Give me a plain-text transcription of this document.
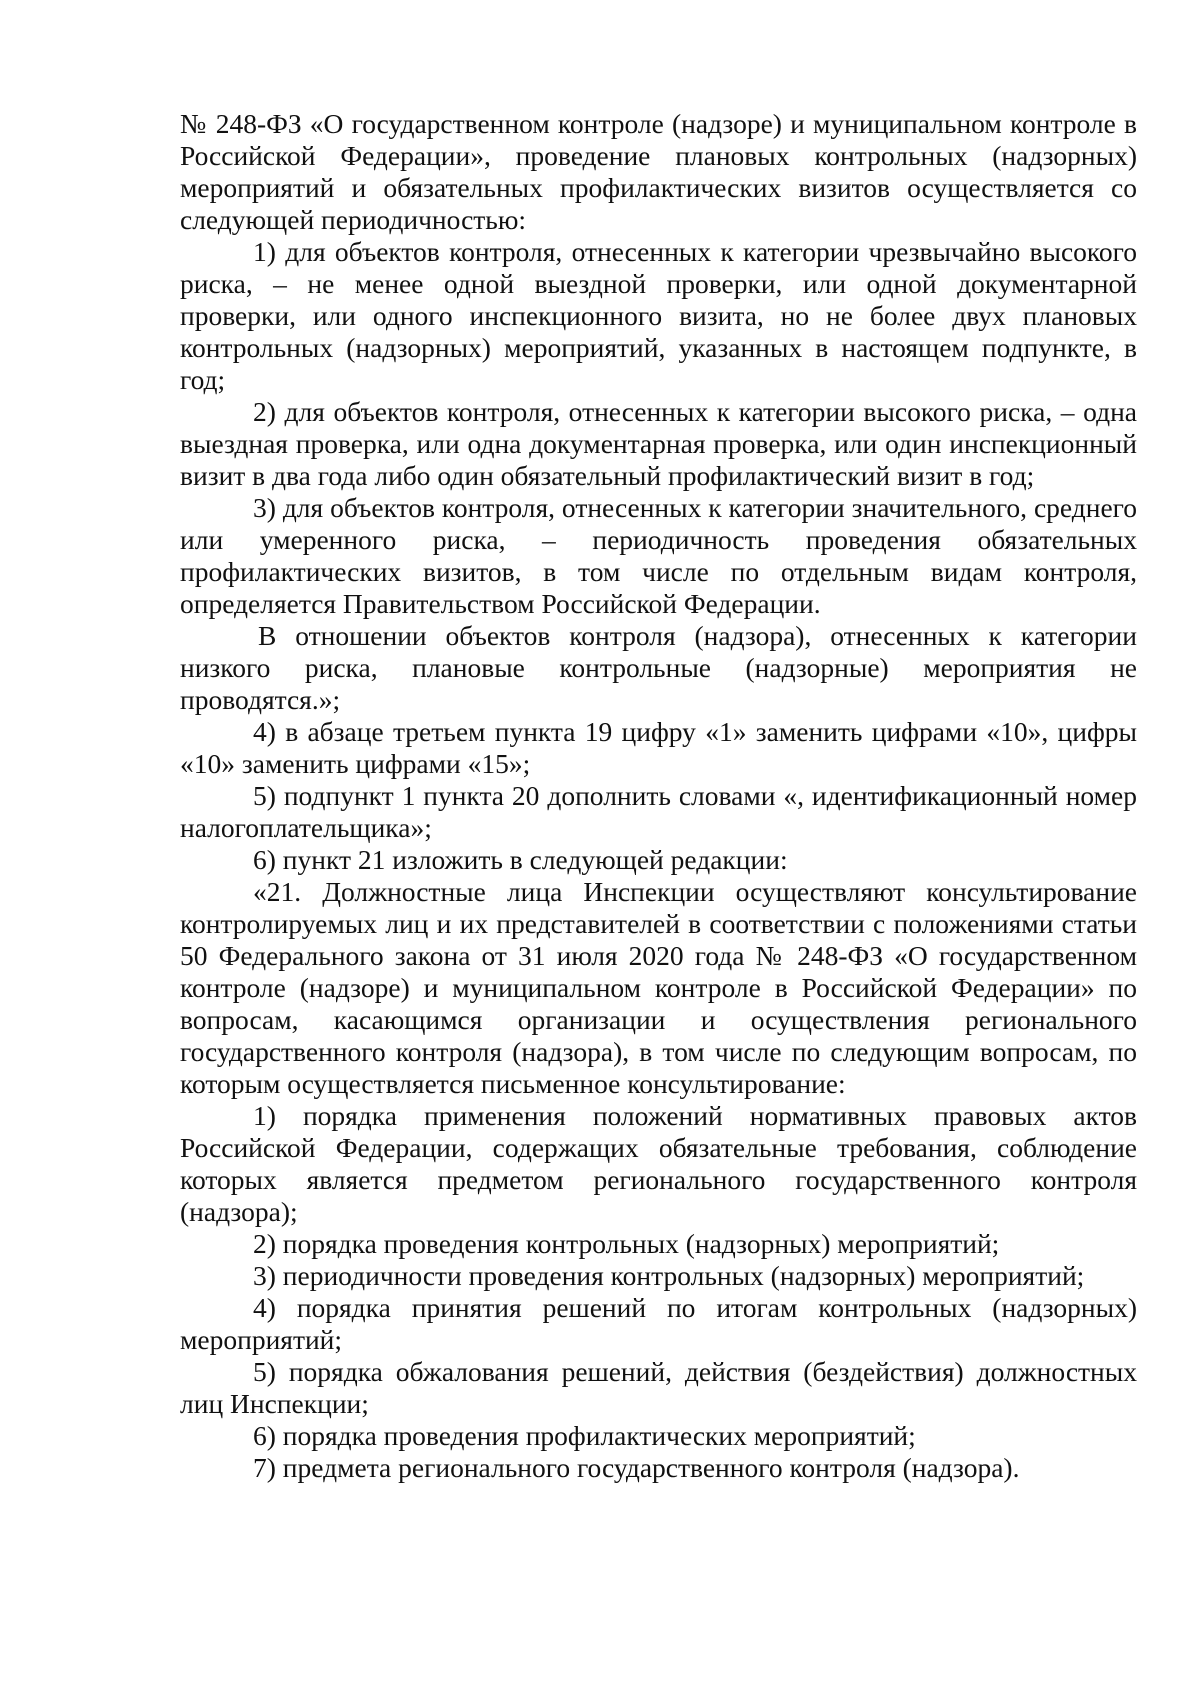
№ 248-ФЗ «О государственном контроле (надзоре) и муниципальном контроле в Российской Федерации», проведение плановых контрольных (надзорных) мероприятий и обязательных профилактических визитов осуществляется со следующей периодичностью:

1) для объектов контроля, отнесенных к категории чрезвычайно высокого риска, – не менее одной выездной проверки, или одной документарной проверки, или одного инспекционного визита, но не более двух плановых контрольных (надзорных) мероприятий, указанных в настоящем подпункте, в год;

2) для объектов контроля, отнесенных к категории высокого риска, – одна выездная проверка, или одна документарная проверка, или один инспекционный визит в два года либо один обязательный профилактический визит в год;

3) для объектов контроля, отнесенных к категории значительного, среднего или умеренного риска, – периодичность проведения обязательных профилактических визитов, в том числе по отдельным видам контроля, определяется Правительством Российской Федерации.

В отношении объектов контроля (надзора), отнесенных к категории низкого риска, плановые контрольные (надзорные) мероприятия не проводятся.»;

4) в абзаце третьем пункта 19 цифру «1» заменить цифрами «10», цифры «10» заменить цифрами «15»;

5) подпункт 1 пункта 20 дополнить словами «, идентификационный номер налогоплательщика»;

6) пункт 21 изложить в следующей редакции:

«21. Должностные лица Инспекции осуществляют консультирование контролируемых лиц и их представителей в соответствии с положениями статьи 50 Федерального закона от 31 июля 2020 года № 248-ФЗ «О государственном контроле (надзоре) и муниципальном контроле в Российской Федерации» по вопросам, касающимся организации и осуществления регионального государственного контроля (надзора), в том числе по следующим вопросам, по которым осуществляется письменное консультирование:

1) порядка применения положений нормативных правовых актов Российской Федерации, содержащих обязательные требования, соблюдение которых является предметом регионального государственного контроля (надзора);

2) порядка проведения контрольных (надзорных) мероприятий;

3) периодичности проведения контрольных (надзорных) мероприятий;

4) порядка принятия решений по итогам контрольных (надзорных) мероприятий;

5) порядка обжалования решений, действия (бездействия) должностных лиц Инспекции;

6) порядка проведения профилактических мероприятий;

7) предмета регионального государственного контроля (надзора).
